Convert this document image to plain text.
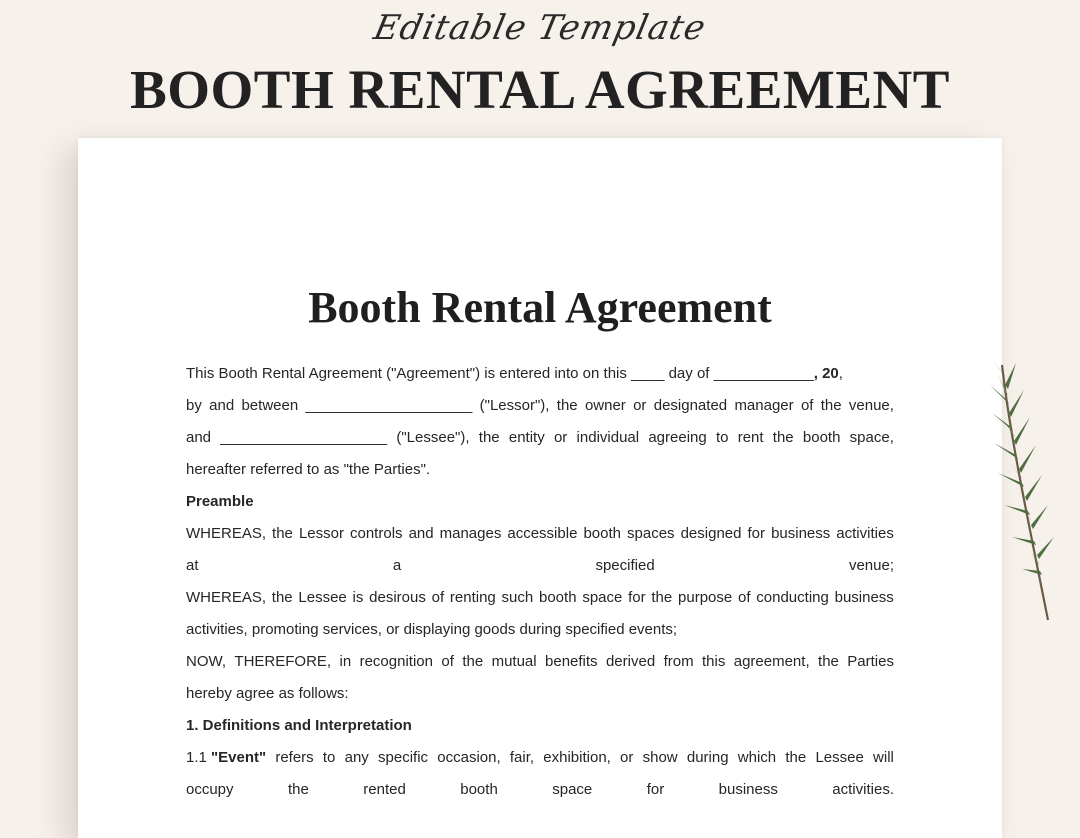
Editable Template
BOOTH RENTAL AGREEMENT
Booth Rental Agreement
This Booth Rental Agreement ("Agreement") is entered into on this ____ day of ____________, 20,
by and between ____________________ ("Lessor"), the owner or designated manager of the venue,
and ____________________ ("Lessee"), the entity or individual agreeing to rent the booth space,
hereafter referred to as "the Parties".
Preamble
WHEREAS, the Lessor controls and manages accessible booth spaces designed for business activities
at	a	specified	venue;
WHEREAS, the Lessee is desirous of renting such booth space for the purpose of conducting business
activities, promoting services, or displaying goods during specified events;
NOW, THEREFORE, in recognition of the mutual benefits derived from this agreement, the Parties
hereby agree as follows:
1. Definitions and Interpretation
1.1 "Event" refers to any specific occasion, fair, exhibition, or show during which the Lessee will
occupy	the	rented	booth	space	for	business	activities.
